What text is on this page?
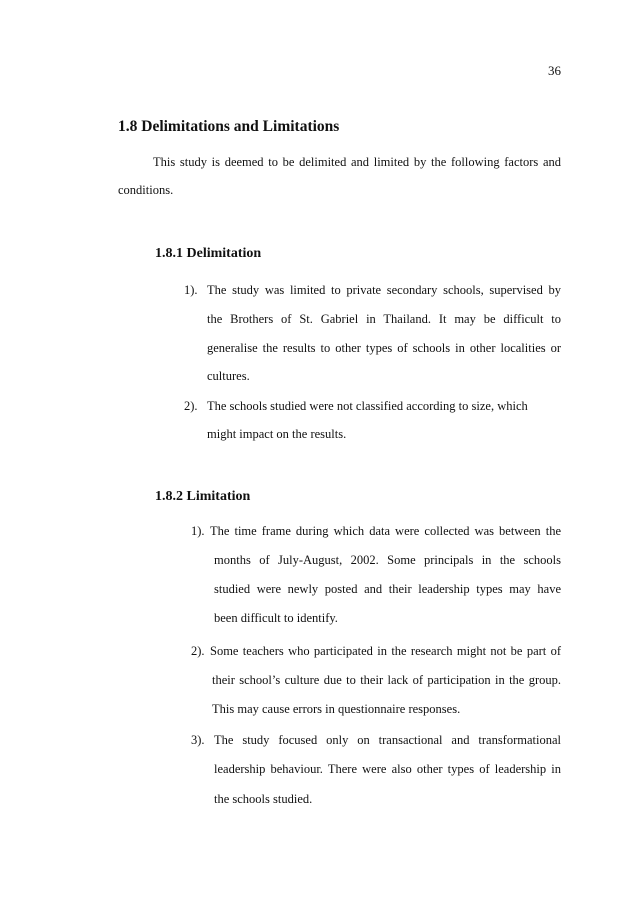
36
1.8 Delimitations and Limitations
This study is deemed to be delimited and limited by the following factors and
conditions.
1.8.1 Delimitation
1). The study was limited to private secondary schools, supervised by
the Brothers of St. Gabriel in Thailand. It may be difficult to
generalise the results to other types of schools in other localities or
cultures.
2). The schools studied were not classified according to size, which
might impact on the results.
1.8.2 Limitation
1). The time frame during which data were collected was between the
months of July-August, 2002. Some principals in the schools
studied were newly posted and their leadership types may have
been difficult to identify.
2). Some teachers who participated in the research might not be part of
their school’s culture due to their lack of participation in the group.
This may cause errors in questionnaire responses.
3). The study focused only on transactional and transformational
leadership behaviour. There were also other types of leadership in
the schools studied.
